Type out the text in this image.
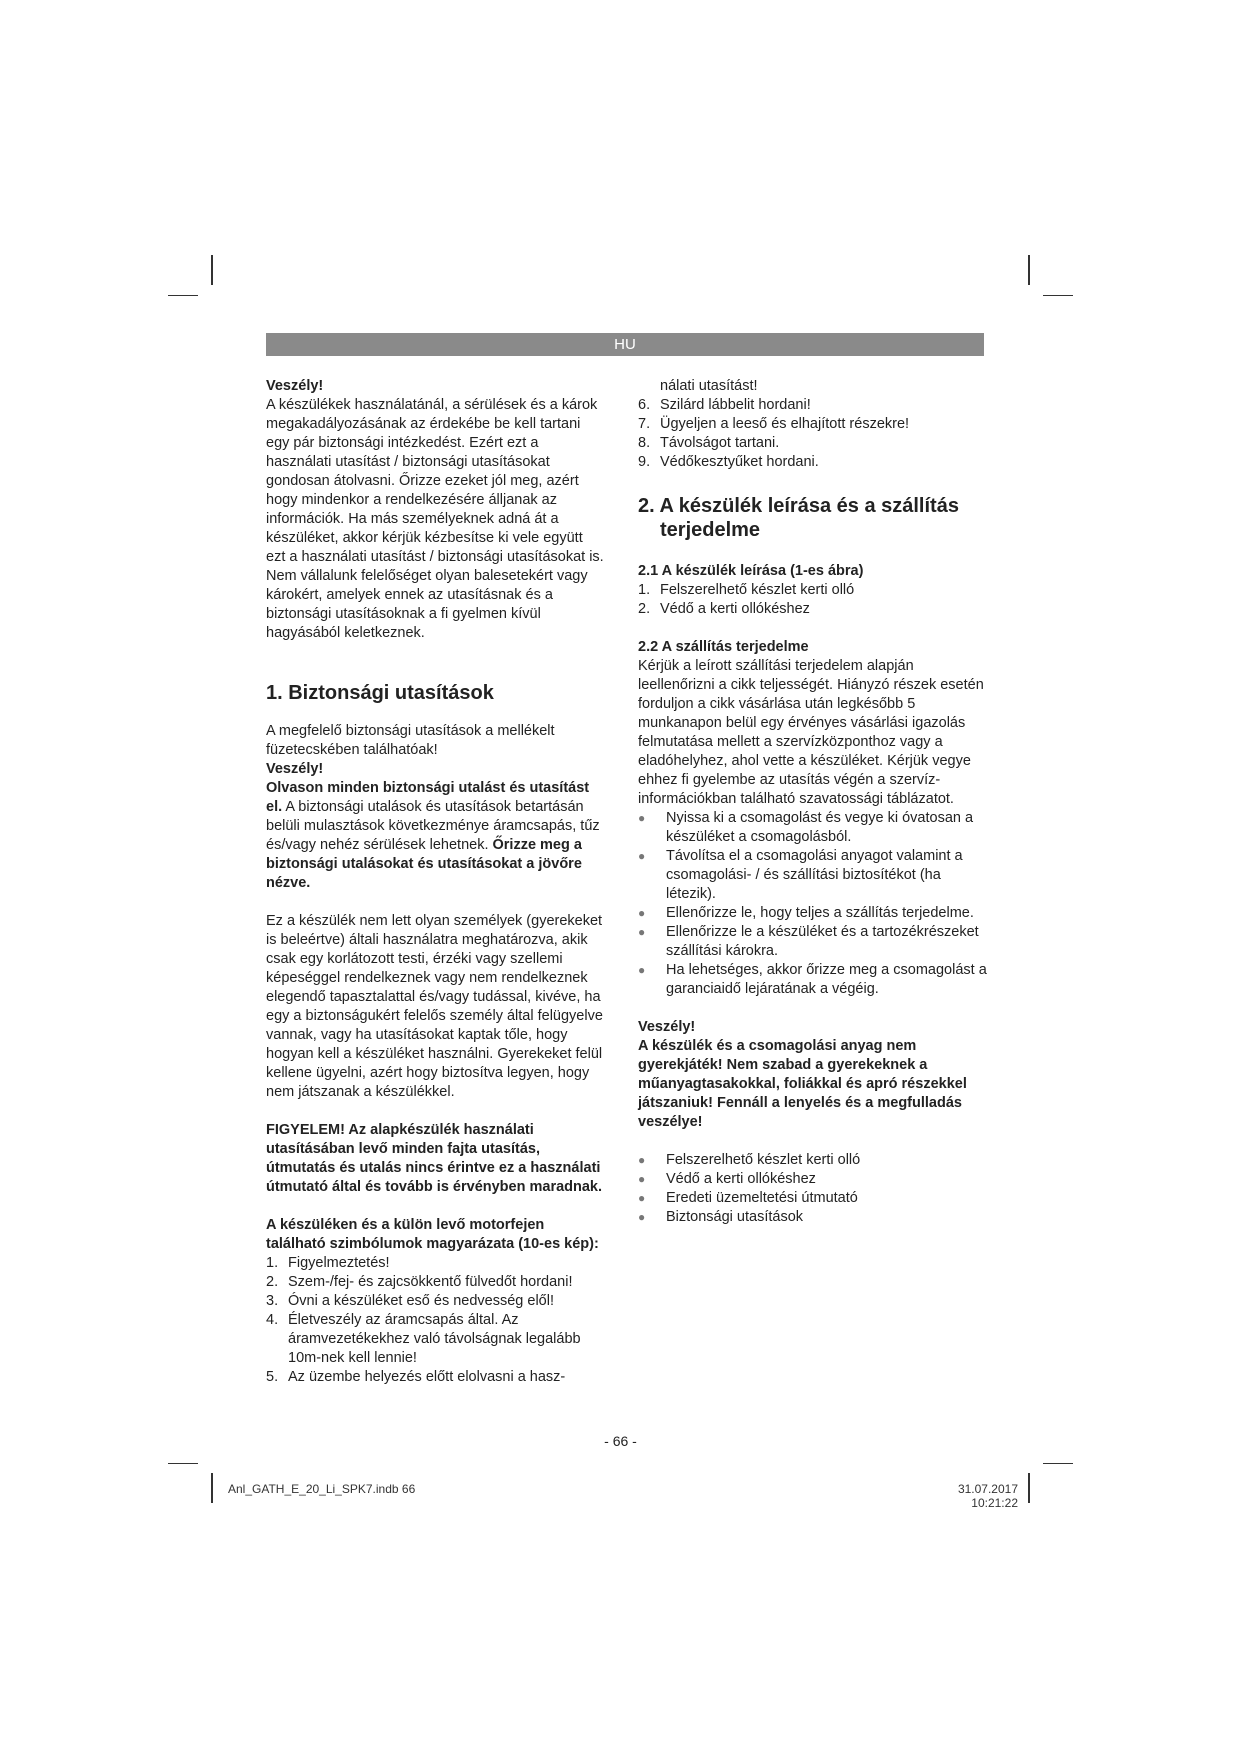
HU

Veszély!

A készülékek használatánál, a sérülések és a károk megakadályozásának az érdekébe be kell tartani egy pár biztonsági intézkedést. Ezért ezt a használati utasítást / biztonsági utasításokat gondosan átolvasni. Őrizze ezeket jól meg, azért hogy mindenkor a rendelkezésére álljanak az információk. Ha más személyeknek adná át a készüléket, akkor kérjük kézbesítse ki vele együtt ezt a használati utasítást / biztonsági utasításokat is. Nem vállalunk felelőséget olyan balesetekért vagy károkért, amelyek ennek az utasításnak és a biztonsági utasításoknak a fi gyelmen kívül hagyásából keletkeznek.

1. Biztonsági utasítások

A megfelelő biztonsági utasítások a mellékelt füzetecskében találhatóak!

Veszély!

Olvason minden biztonsági utalást és utasítást el. A biztonsági utalások és utasítások betartásán belüli mulasztások következménye áramcsapás, tűz és/vagy nehéz sérülések lehetnek. Őrizze meg a biztonsági utalásokat és utasításokat a jövőre nézve.

Ez a készülék nem lett olyan személyek (gyerekeket is beleértve) általi használatra meghatározva, akik csak egy korlátozott testi, érzéki vagy szellemi képeséggel rendelkeznek vagy nem rendelkeznek elegendő tapasztalattal és/vagy tudással, kivéve, ha egy a biztonságukért felelős személy által felügyelve vannak, vagy ha utasításokat kaptak tőle, hogy hogyan kell a készüléket használni. Gyerekeket felül kellene ügyelni, azért hogy biztosítva legyen, hogy nem játszanak a készülékkel.

FIGYELEM! Az alapkészülék használati utasításában levő minden fajta utasítás, útmutatás és utalás nincs érintve ez a használati útmutató által és tovább is érvényben maradnak.

A készüléken és a külön levő motorfejen található szimbólumok magyarázata (10-es kép):

1. Figyelmeztetés!
2. Szem-/fej- és zajcsökkentő fülvedőt hordani!
3. Óvni a készüléket eső és nedvesség elől!
4. Életveszély az áramcsapás által. Az áramvezetékekhez való távolságnak legalább 10m-nek kell lennie!
5. Az üzembe helyezés előtt elolvasni a hasz-

nálati utasítást!

6. Szilárd lábbelit hordani!
7. Ügyeljen a leeső és elhajított részekre!
8. Távolságot tartani.
9. Védőkesztyűket hordani.

2. A készülék leírása és a szállítás terjedelme

2.1 A készülék leírása (1-es ábra)

1. Felszerelhető készlet kerti olló
2. Védő a kerti ollókéshez

2.2 A szállítás terjedelme

Kérjük a leírott szállítási terjedelem alapján leellenőrizni a cikk teljességét. Hiányzó részek esetén forduljon a cikk vásárlása után legkésőbb 5 munkanapon belül egy érvényes vásárlási igazolás felmutatása mellett a szervízközponthoz vagy a eladóhelyhez, ahol vette a készüléket. Kérjük vegye ehhez fi gyelembe az utasítás végén a szervíz-információkban található szavatossági táblázatot.

●	Nyissa ki a csomagolást és vegye ki óvatosan a készüléket a csomagolásból.
●	Távolítsa el a csomagolási anyagot valamint a csomagolási- / és szállítási biztosítékot (ha létezik).
●	Ellenőrizze le, hogy teljes a szállítás terjedelme.
●	Ellenőrizze le a készüléket és a tartozékrészeket szállítási károkra.
●	Ha lehetséges, akkor őrizze meg a csomagolást a garanciaidő lejáratának a végéig.

Veszély!

A készülék és a csomagolási anyag nem gyerekjáték! Nem szabad a gyerekeknek a műanyagtasakokkal, foliákkal és apró részekkel játszaniuk! Fennáll a lenyelés és a megfulladás veszélye!

●	Felszerelhető készlet kerti olló
●	Védő a kerti ollókéshez
●	Eredeti üzemeltetési útmutató
●	Biztonsági utasítások
- 66 -
Anl_GATH_E_20_Li_SPK7.indb 66	31.07.2017 10:21:22
